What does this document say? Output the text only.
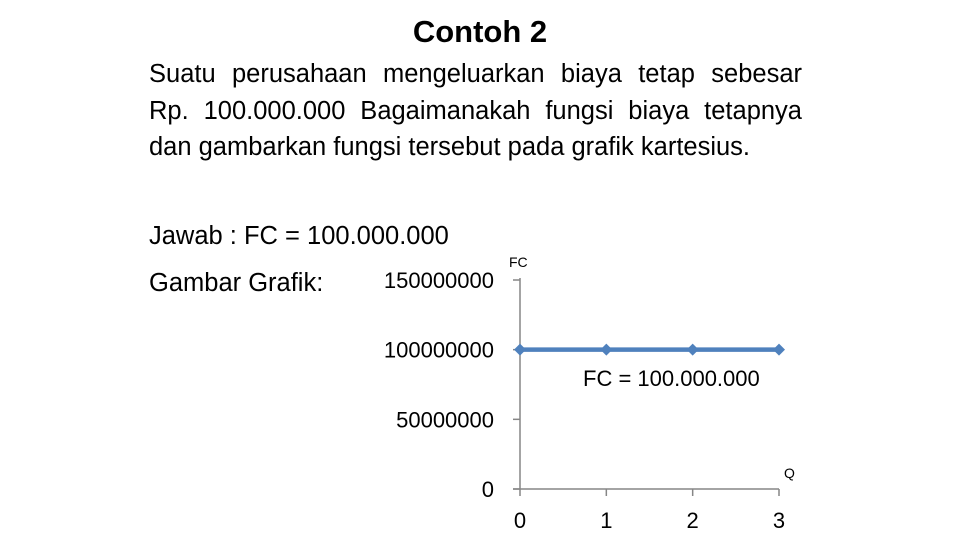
Contoh 2
Suatu perusahaan mengeluarkan biaya tetap sebesar Rp. 100.000.000 Bagaimanakah fungsi biaya tetapnya dan gambarkan fungsi tersebut pada grafik kartesius.
Jawab : FC = 100.000.000
Gambar Grafik:
FC
Q
FC = 100.000.000
0
50000000
100000000
150000000
0	1	2	3
